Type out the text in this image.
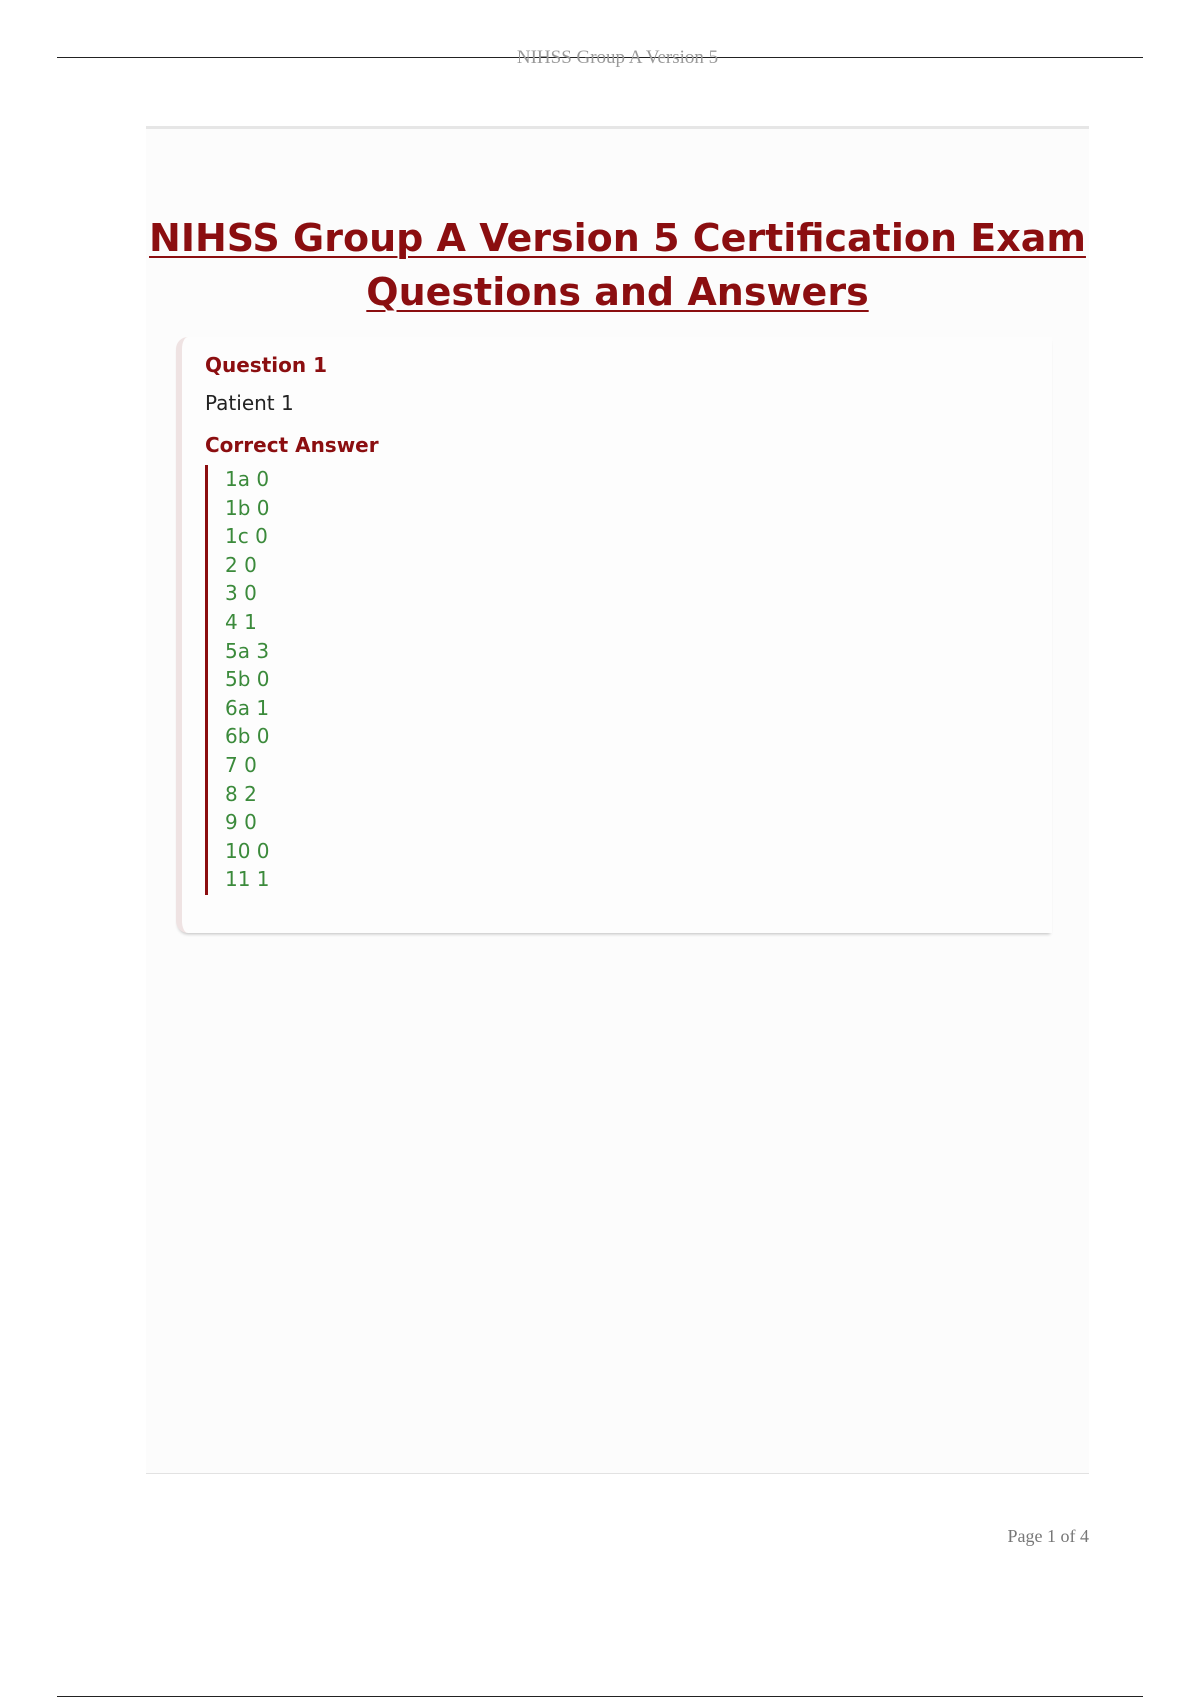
NIHSS Group A Version 5
NIHSS Group A Version 5 Certification Exam Questions and Answers
Question 1
Patient 1
Correct Answer
1a 0
1b 0
1c 0
2 0
3 0
4 1
5a 3
5b 0
6a 1
6b 0
7 0
8 2
9 0
10 0
11 1
Page 1 of 4
